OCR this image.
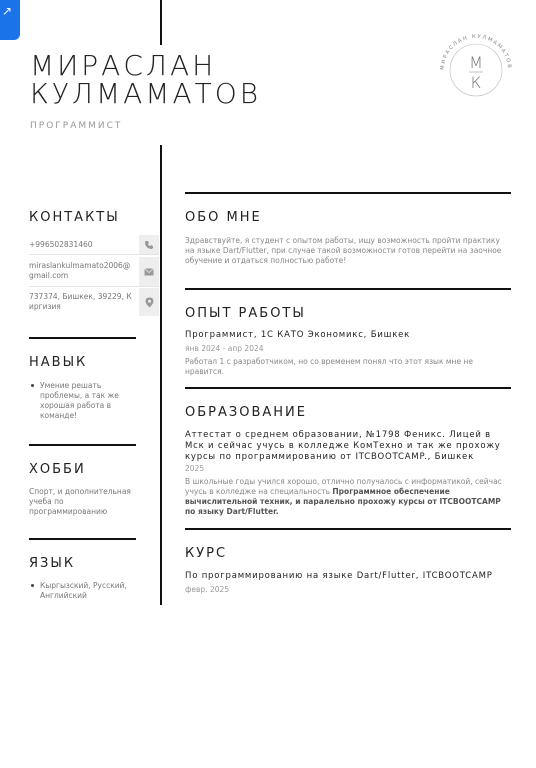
↗
МИРАСЛАН
КУЛМАМАТОВ
ПРОГРАММИСТ
МИРАСЛАН КУЛМАМАТОВ
М
К
КОНТАКТЫ
+996502831460
miraslankulmamato2006@gmail.com
737374, Бишкек, 39229, Киргизия
НАВЫК
Умение решать проблемы, а так же хорошая работа в команде!
ХОББИ
Спорт, и дополнительная учеба по программированию
ЯЗЫК
Кыргызский, Русский, Английский
ОБО МНЕ
Здравствуйте, я студент с опытом работы, ищу возможность пройти практику на языке Dart/Flutter, при случае такой возможности готов перейти на заочное обучение и отдаться полностью работе!
ОПЫТ РАБОТЫ
Программист, 1С КАТО Экономикс, Бишкек
янв 2024 - апр 2024
Работал 1 с разработчиком, но со временем понял что этот язык мне не нравится.
ОБРАЗОВАНИЕ
Аттестат о среднем образовании, №1798 Феникс. Лицей в Мск и сейчас учусь в колледже КомТехно и так же прохожу курсы по программированию от ITCBOOTCAMP., Бишкек
2025
В школьные годы учился хорошо, отлично получалось с информатикой, сейчас учусь в колледже на специальность Программное обеспечение вычислительной техник, и паралельно прохожу курсы от ITCBOOTCAMP по языку Dart/Flutter.
КУРС
По программированию на языке Dart/Flutter, ITCBOOTCAMP
февр. 2025
